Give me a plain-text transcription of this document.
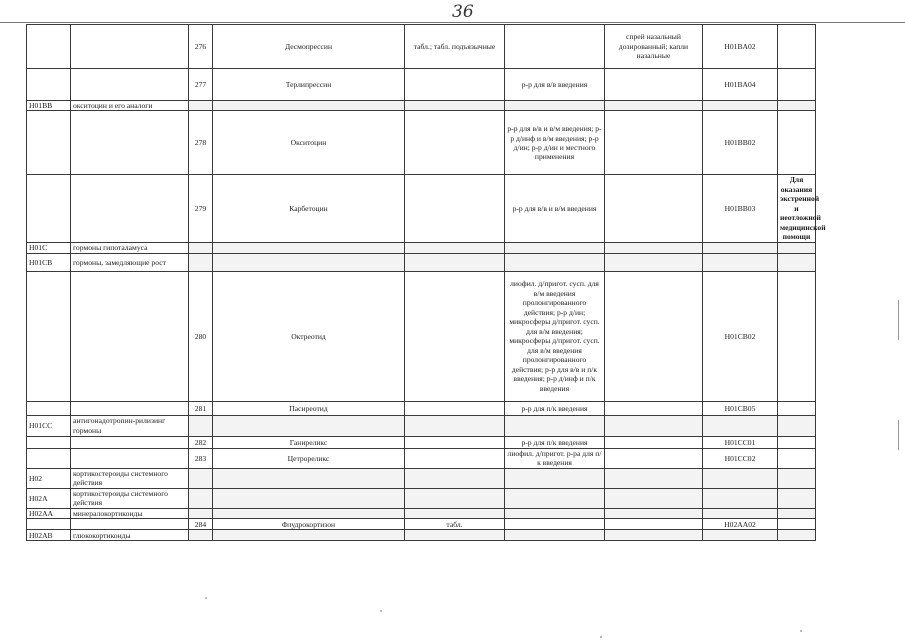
36
		276	Десмопрессин	табл.; табл. подъязычные		спрей назальный дозированный; капли назальные	H01BA02	
		277	Терлипрессин		р-р для в/в введения		H01BA04	
H01BB	окситоцин и его аналоги							
		278	Окситоцин		р-р для в/в и в/м введения; р-р д/инф и в/м введения; р-р д/ин; р-р д/ин и местного применения		H01BB02	
		279	Карбетоцин		р-р для в/в и в/м введения		H01BB03	Для оказания экстренной и неотложной медицинской помощи
H01C	гормоны гипоталамуса							
H01CB	гормоны, замедляющие рост							
		280	Октреотид		лиофил. д/пригот. сусп. для в/м введения пролонгированного действия; р-р д/ин; микросферы д/пригот. сусп. для в/м введения; микросферы д/пригот. сусп. для в/м введения пролонгированного действия; р-р для в/в и п/к введения; р-р д/инф и п/к введения		H01CB02	
		281	Пасиреотид		р-р для п/к введения		H01CB05	
H01CC	антигонадотропин-рилизинг гормоны							
		282	Ганиреликс		р-р для п/к введения		H01CC01	
		283	Цетрореликс		лиофил. д/пригот. р-ра для п/к введения		H01CC02	
H02	кортикостероиды системного действия							
H02A	кортикостероиды системного действия							
H02AA	минералокортикоиды							
		284	Флудрокортизон	табл.			H02AA02	
H02AB	глюкокортикоиды							
